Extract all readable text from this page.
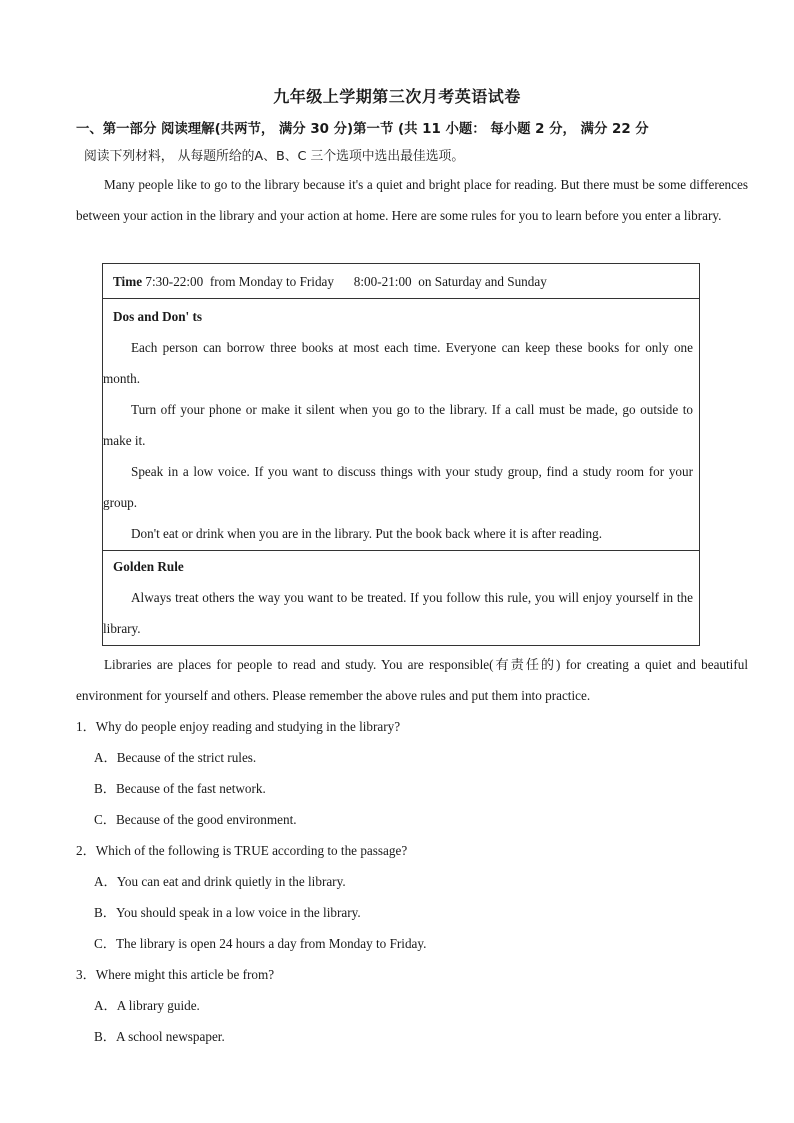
九年级上学期第三次月考英语试卷
一、第一部分 阅读理解(共两节， 满分 30 分)第一节 (共 11 小题： 每小题 2 分， 满分 22 分
阅读下列材料， 从每题所给的A、B、C 三个选项中选出最佳选项。

Many people like to go to the library because it's a quiet and bright place for reading. But there must be some differences between your action in the library and your action at home. Here are some rules for you to learn before you enter a library.

Time 7:30-22:00  from Monday to Friday      8:00-21:00  on Saturday and Sunday
Dos and Don' ts

Each person can borrow three books at most each time. Everyone can keep these books for only one month.

Turn off your phone or make it silent when you go to the library. If a call must be made, go outside to make it.

Speak in a low voice. If you want to discuss things with your study group, find a study room for your group.

Don't eat or drink when you are in the library. Put the book back where it is after reading.

Golden Rule

Always treat others the way you want to be treated. If you follow this rule, you will enjoy yourself in the library.

Libraries are places for people to read and study. You are responsible(有责任的) for creating a quiet and beautiful environment for yourself and others. Please remember the above rules and put them into practice.

1．Why do people enjoy reading and studying in the library?

A．Because of the strict rules.

B．Because of the fast network.

C．Because of the good environment.

2．Which of the following is TRUE according to the passage?

A．You can eat and drink quietly in the library.

B．You should speak in a low voice in the library.

C．The library is open 24 hours a day from Monday to Friday.

3．Where might this article be from?

A．A library guide.

B．A school newspaper.
